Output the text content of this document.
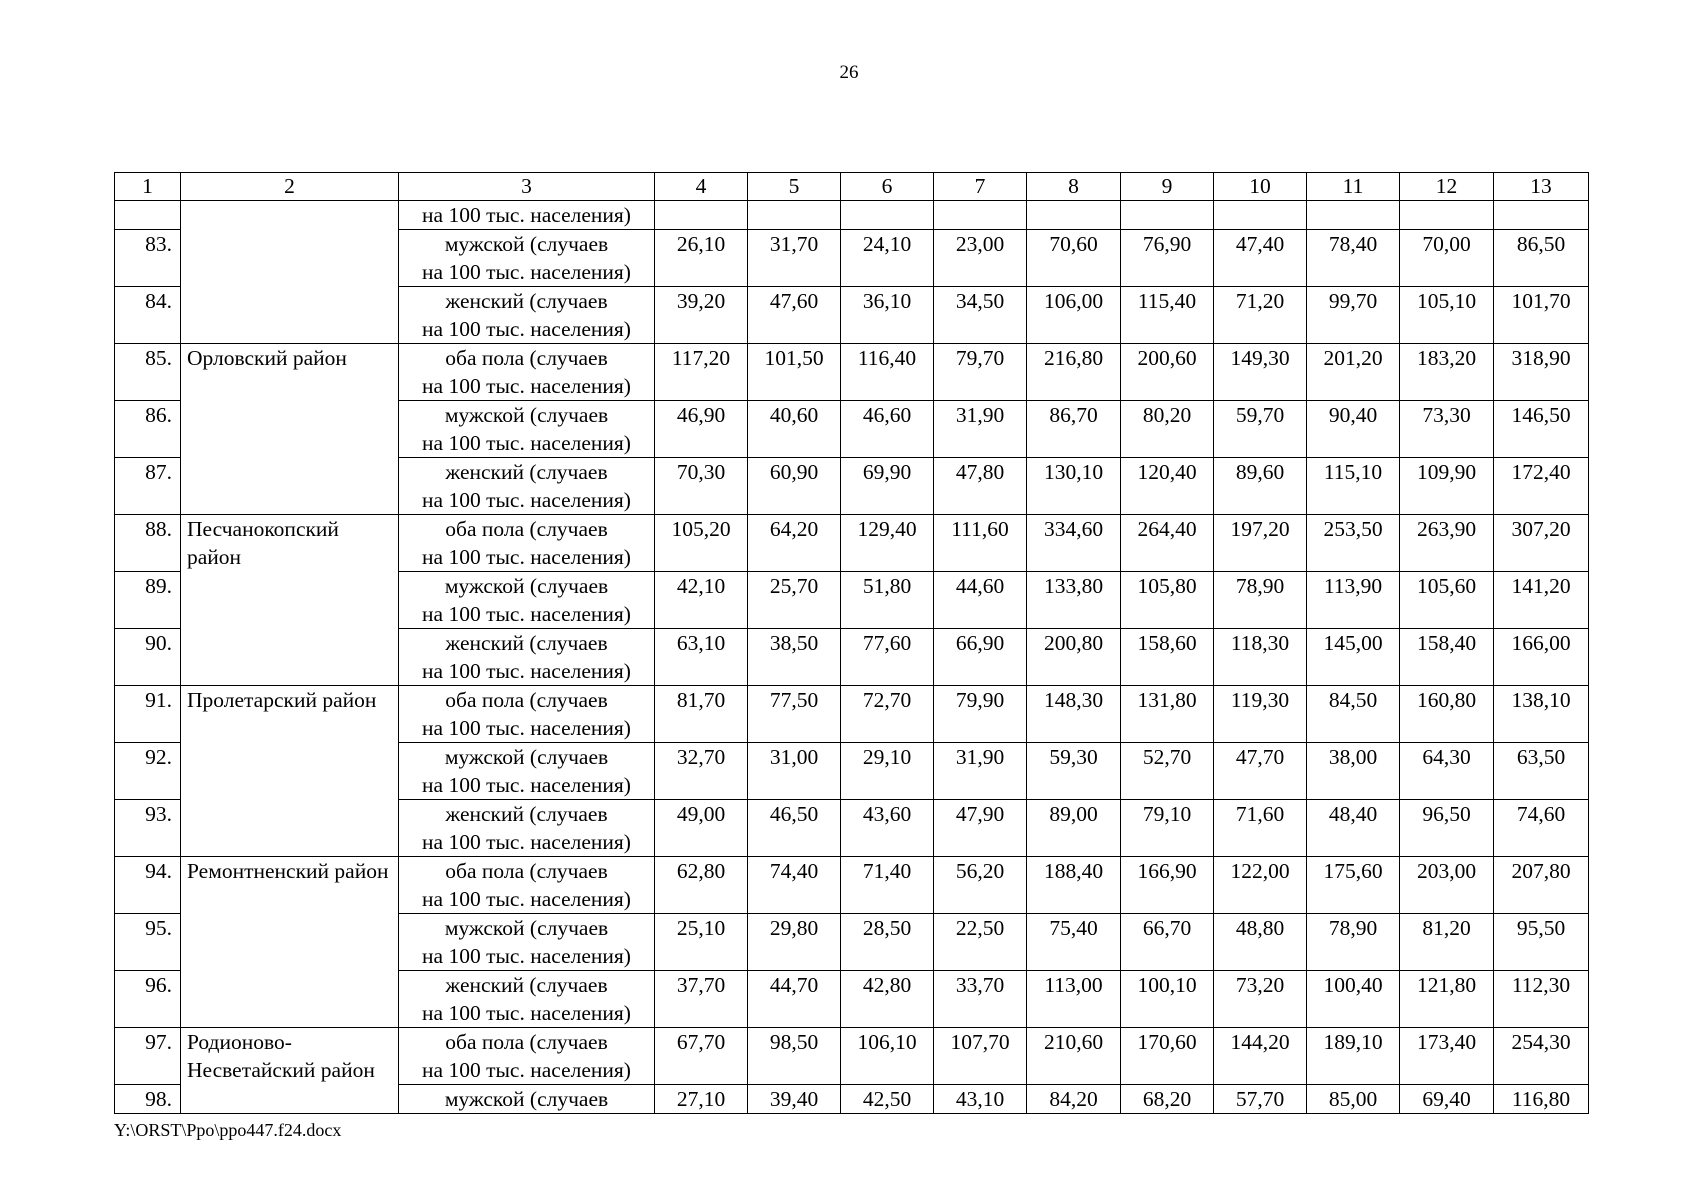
26
1	2	3	4	5	6	7	8	9	10	11	12	13
		на 100 тыс. населения)										
83.		мужской (случаев
на 100 тыс. населения)	26,10	31,70	24,10	23,00	70,60	76,90	47,40	78,40	70,00	86,50
84.		женский (случаев
на 100 тыс. населения)	39,20	47,60	36,10	34,50	106,00	115,40	71,20	99,70	105,10	101,70
85.	Орловский район	оба пола (случаев
на 100 тыс. населения)	117,20	101,50	116,40	79,70	216,80	200,60	149,30	201,20	183,20	318,90
86.		мужской (случаев
на 100 тыс. населения)	46,90	40,60	46,60	31,90	86,70	80,20	59,70	90,40	73,30	146,50
87.		женский (случаев
на 100 тыс. населения)	70,30	60,90	69,90	47,80	130,10	120,40	89,60	115,10	109,90	172,40
88.	Песчанокопский район	оба пола (случаев
на 100 тыс. населения)	105,20	64,20	129,40	111,60	334,60	264,40	197,20	253,50	263,90	307,20
89.		мужской (случаев
на 100 тыс. населения)	42,10	25,70	51,80	44,60	133,80	105,80	78,90	113,90	105,60	141,20
90.		женский (случаев
на 100 тыс. населения)	63,10	38,50	77,60	66,90	200,80	158,60	118,30	145,00	158,40	166,00
91.	Пролетарский район	оба пола (случаев
на 100 тыс. населения)	81,70	77,50	72,70	79,90	148,30	131,80	119,30	84,50	160,80	138,10
92.		мужской (случаев
на 100 тыс. населения)	32,70	31,00	29,10	31,90	59,30	52,70	47,70	38,00	64,30	63,50
93.		женский (случаев
на 100 тыс. населения)	49,00	46,50	43,60	47,90	89,00	79,10	71,60	48,40	96,50	74,60
94.	Ремонтненский район	оба пола (случаев
на 100 тыс. населения)	62,80	74,40	71,40	56,20	188,40	166,90	122,00	175,60	203,00	207,80
95.		мужской (случаев
на 100 тыс. населения)	25,10	29,80	28,50	22,50	75,40	66,70	48,80	78,90	81,20	95,50
96.		женский (случаев
на 100 тыс. населения)	37,70	44,70	42,80	33,70	113,00	100,10	73,20	100,40	121,80	112,30
97.	Родионово-Несветайский район	оба пола (случаев
на 100 тыс. населения)	67,70	98,50	106,10	107,70	210,60	170,60	144,20	189,10	173,40	254,30
98.		мужской (случаев	27,10	39,40	42,50	43,10	84,20	68,20	57,70	85,00	69,40	116,80
Y:\ORST\Ppo\ppo447.f24.docx
